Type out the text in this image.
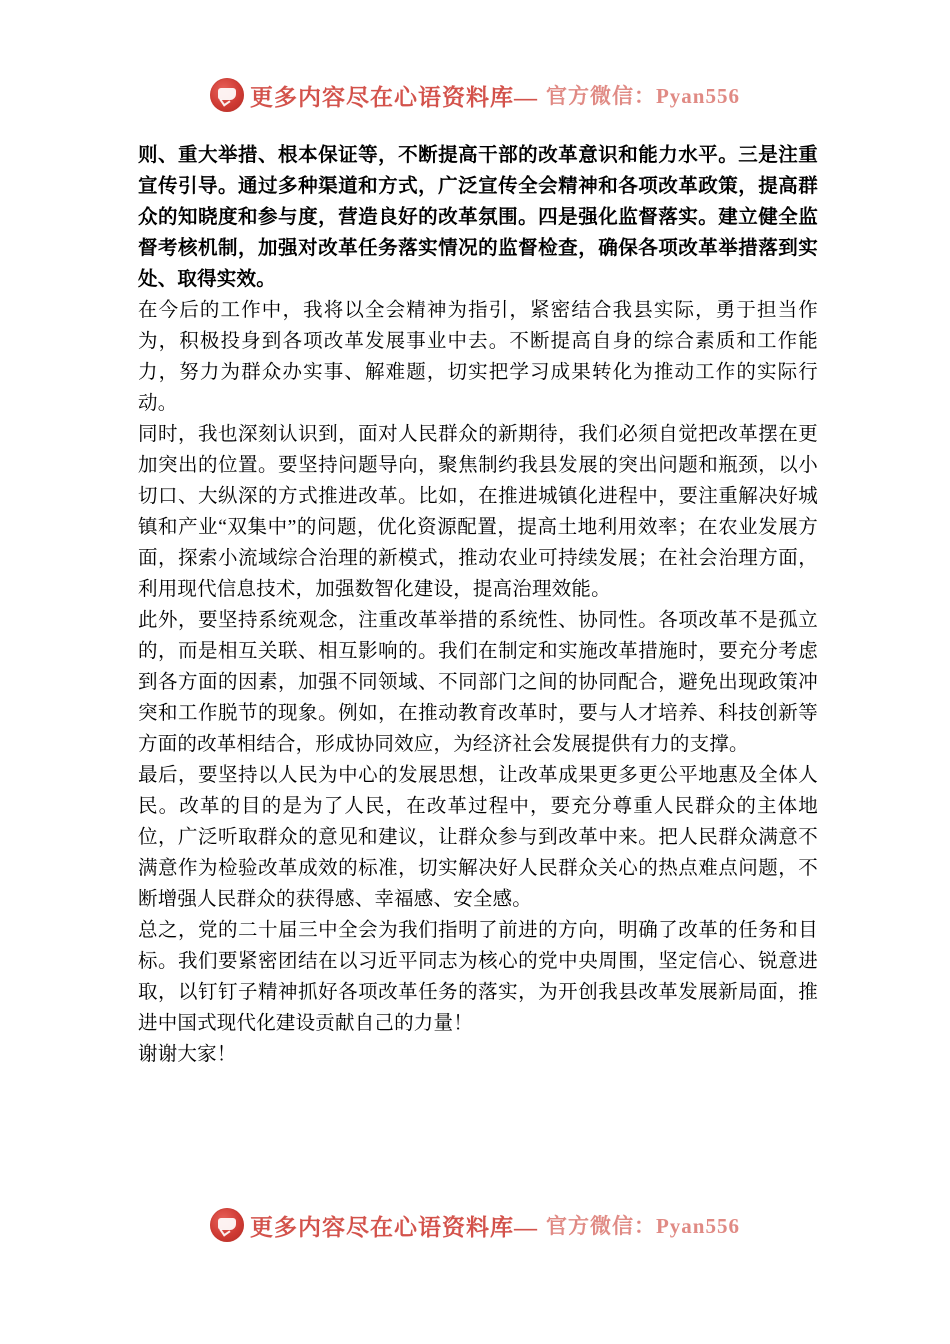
更多内容尽在心语资料库— 官方微信：Pyan556

则、重大举措、根本保证等，不断提高干部的改革意识和能力水平。三是注重宣传引导。通过多种渠道和方式，广泛宣传全会精神和各项改革政策，提高群众的知晓度和参与度，营造良好的改革氛围。四是强化监督落实。建立健全监督考核机制，加强对改革任务落实情况的监督检查，确保各项改革举措落到实处、取得实效。

在今后的工作中，我将以全会精神为指引，紧密结合我县实际，勇于担当作为，积极投身到各项改革发展事业中去。不断提高自身的综合素质和工作能力，努力为群众办实事、解难题，切实把学习成果转化为推动工作的实际行动。

同时，我也深刻认识到，面对人民群众的新期待，我们必须自觉把改革摆在更加突出的位置。要坚持问题导向，聚焦制约我县发展的突出问题和瓶颈，以小切口、大纵深的方式推进改革。比如，在推进城镇化进程中，要注重解决好城镇和产业“双集中”的问题，优化资源配置，提高土地利用效率；在农业发展方面，探索小流域综合治理的新模式，推动农业可持续发展；在社会治理方面，利用现代信息技术，加强数智化建设，提高治理效能。

此外，要坚持系统观念，注重改革举措的系统性、协同性。各项改革不是孤立的，而是相互关联、相互影响的。我们在制定和实施改革措施时，要充分考虑到各方面的因素，加强不同领域、不同部门之间的协同配合，避免出现政策冲突和工作脱节的现象。例如，在推动教育改革时，要与人才培养、科技创新等方面的改革相结合，形成协同效应，为经济社会发展提供有力的支撑。

最后，要坚持以人民为中心的发展思想，让改革成果更多更公平地惠及全体人民。改革的目的是为了人民，在改革过程中，要充分尊重人民群众的主体地位，广泛听取群众的意见和建议，让群众参与到改革中来。把人民群众满意不满意作为检验改革成效的标准，切实解决好人民群众关心的热点难点问题，不断增强人民群众的获得感、幸福感、安全感。

总之，党的二十届三中全会为我们指明了前进的方向，明确了改革的任务和目标。我们要紧密团结在以习近平同志为核心的党中央周围，坚定信心、锐意进取，以钉钉子精神抓好各项改革任务的落实，为开创我县改革发展新局面，推进中国式现代化建设贡献自己的力量！

谢谢大家！

更多内容尽在心语资料库— 官方微信：Pyan556
